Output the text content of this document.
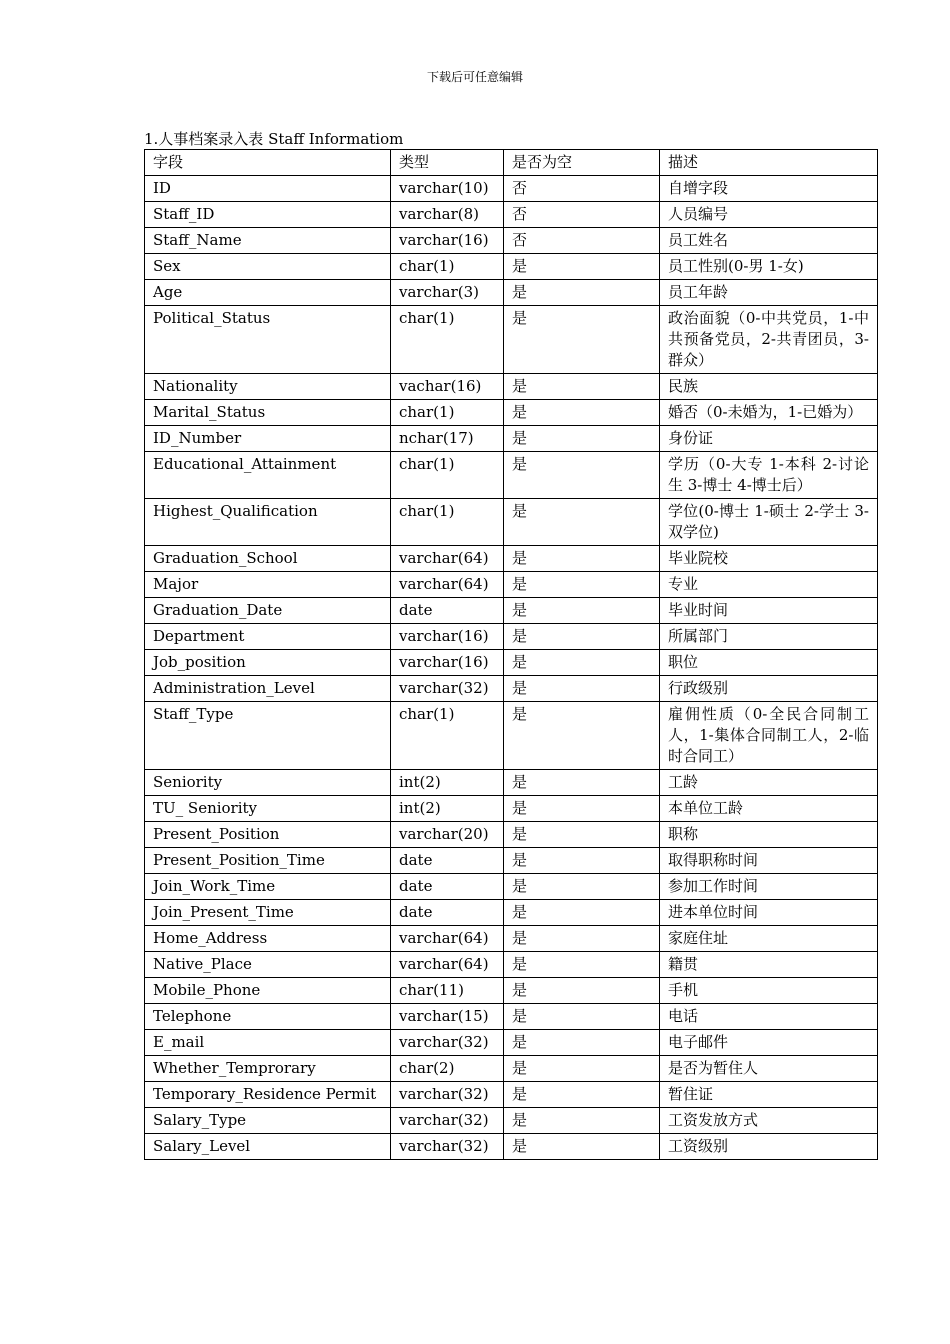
下载后可任意编辑
1.人事档案录入表 Staff Informatiom
字段	类型	是否为空	描述
ID	varchar(10)	否	自增字段
Staff_ID	varchar(8)	否	人员编号
Staff_Name	varchar(16)	否	员工姓名
Sex	char(1)	是	员工性别(0-男 1-女)
Age	varchar(3)	是	员工年龄
Political_Status	char(1)	是	政治面貌（0-中共党员，1-中共预备党员，2-共青团员，3-群众）
Nationality	vachar(16)	是	民族
Marital_Status	char(1)	是	婚否（0-未婚为，1-已婚为）
ID_Number	nchar(17)	是	身份证
Educational_Attainment	char(1)	是	学历（0-大专 1-本科 2-讨论生 3-博士 4-博士后）
Highest_Qualification	char(1)	是	学位(0-博士 1-硕士 2-学士 3-双学位)
Graduation_School	varchar(64)	是	毕业院校
Major	varchar(64)	是	专业
Graduation_Date	date	是	毕业时间
Department	varchar(16)	是	所属部门
Job_position	varchar(16)	是	职位
Administration_Level	varchar(32)	是	行政级别
Staff_Type	char(1)	是	雇佣性质（0-全民合同制工人，1-集体合同制工人，2-临时合同工）
Seniority	int(2)	是	工龄
TU_ Seniority	int(2)	是	本单位工龄
Present_Position	varchar(20)	是	职称
Present_Position_Time	date	是	取得职称时间
Join_Work_Time	date	是	参加工作时间
Join_Present_Time	date	是	进本单位时间
Home_Address	varchar(64)	是	家庭住址
Native_Place	varchar(64)	是	籍贯
Mobile_Phone	char(11)	是	手机
Telephone	varchar(15)	是	电话
E_mail	varchar(32)	是	电子邮件
Whether_Temprorary	char(2)	是	是否为暂住人
Temporary_Residence Permit	varchar(32)	是	暂住证
Salary_Type	varchar(32)	是	工资发放方式
Salary_Level	varchar(32)	是	工资级别
